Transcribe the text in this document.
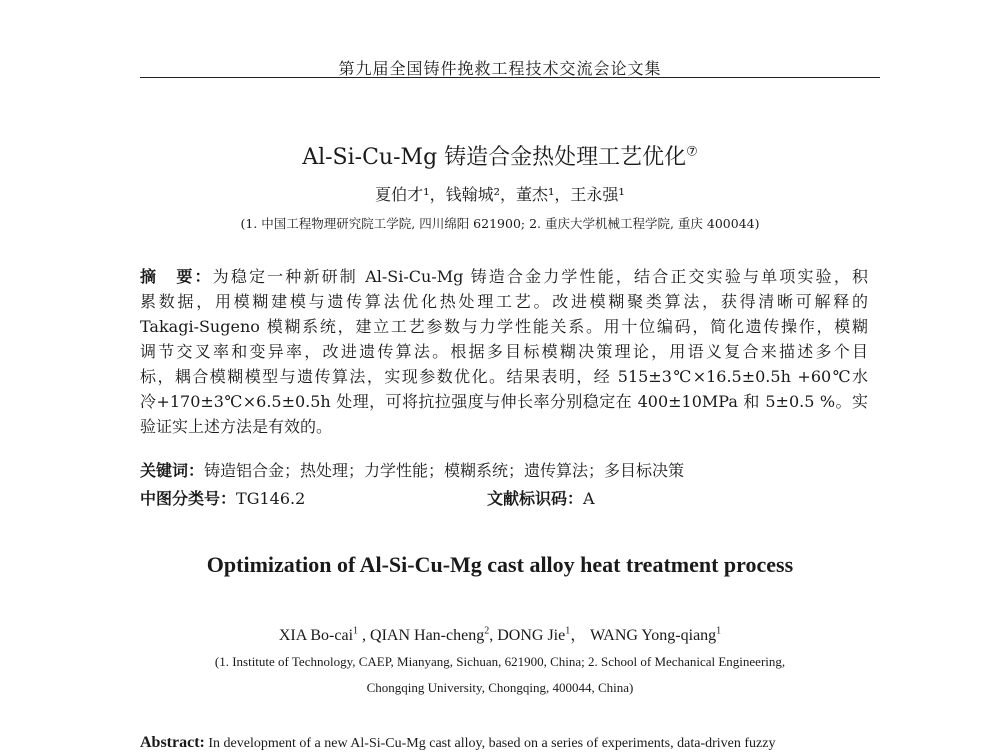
第九届全国铸件挽救工程技术交流会论文集
Al-Si-Cu-Mg 铸造合金热处理工艺优化⑦
夏伯才¹，钱翰城²，董杰¹，王永强¹
(1. 中国工程物理研究院工学院, 四川绵阳 621900; 2. 重庆大学机械工程学院, 重庆 400044)
摘　要：为稳定一种新研制 Al-Si-Cu-Mg 铸造合金力学性能，结合正交实验与单项实验，积
累数据，用模糊建模与遗传算法优化热处理工艺。改进模糊聚类算法，获得清晰可解释的
Takagi-Sugeno 模糊系统，建立工艺参数与力学性能关系。用十位编码，简化遗传操作，模糊
调节交叉率和变异率，改进遗传算法。根据多目标模糊决策理论，用语义复合来描述多个目
标，耦合模糊模型与遗传算法，实现参数优化。结果表明，经 515±3℃×16.5±0.5h +60℃水
冷+170±3℃×6.5±0.5h 处理，可将抗拉强度与伸长率分别稳定在 400±10MPa 和 5±0.5 %。实
验证实上述方法是有效的。
关键词：铸造铝合金；热处理；力学性能；模糊系统；遗传算法；多目标决策
中图分类号：TG146.2	文献标识码：A
Optimization of Al-Si-Cu-Mg cast alloy heat treatment process
XIA Bo-cai$^1$ , QIAN Han-cheng$^2$, DONG Jie$^1$， WANG Yong-qiang$^1$
(1. Institute of Technology, CAEP, Mianyang, Sichuan, 621900, China; 2. School of Mechanical Engineering,
Chongqing University, Chongqing, 400044, China)
Abstract: In development of a new Al-Si-Cu-Mg cast alloy, based on a series of experiments, data-driven fuzzy
